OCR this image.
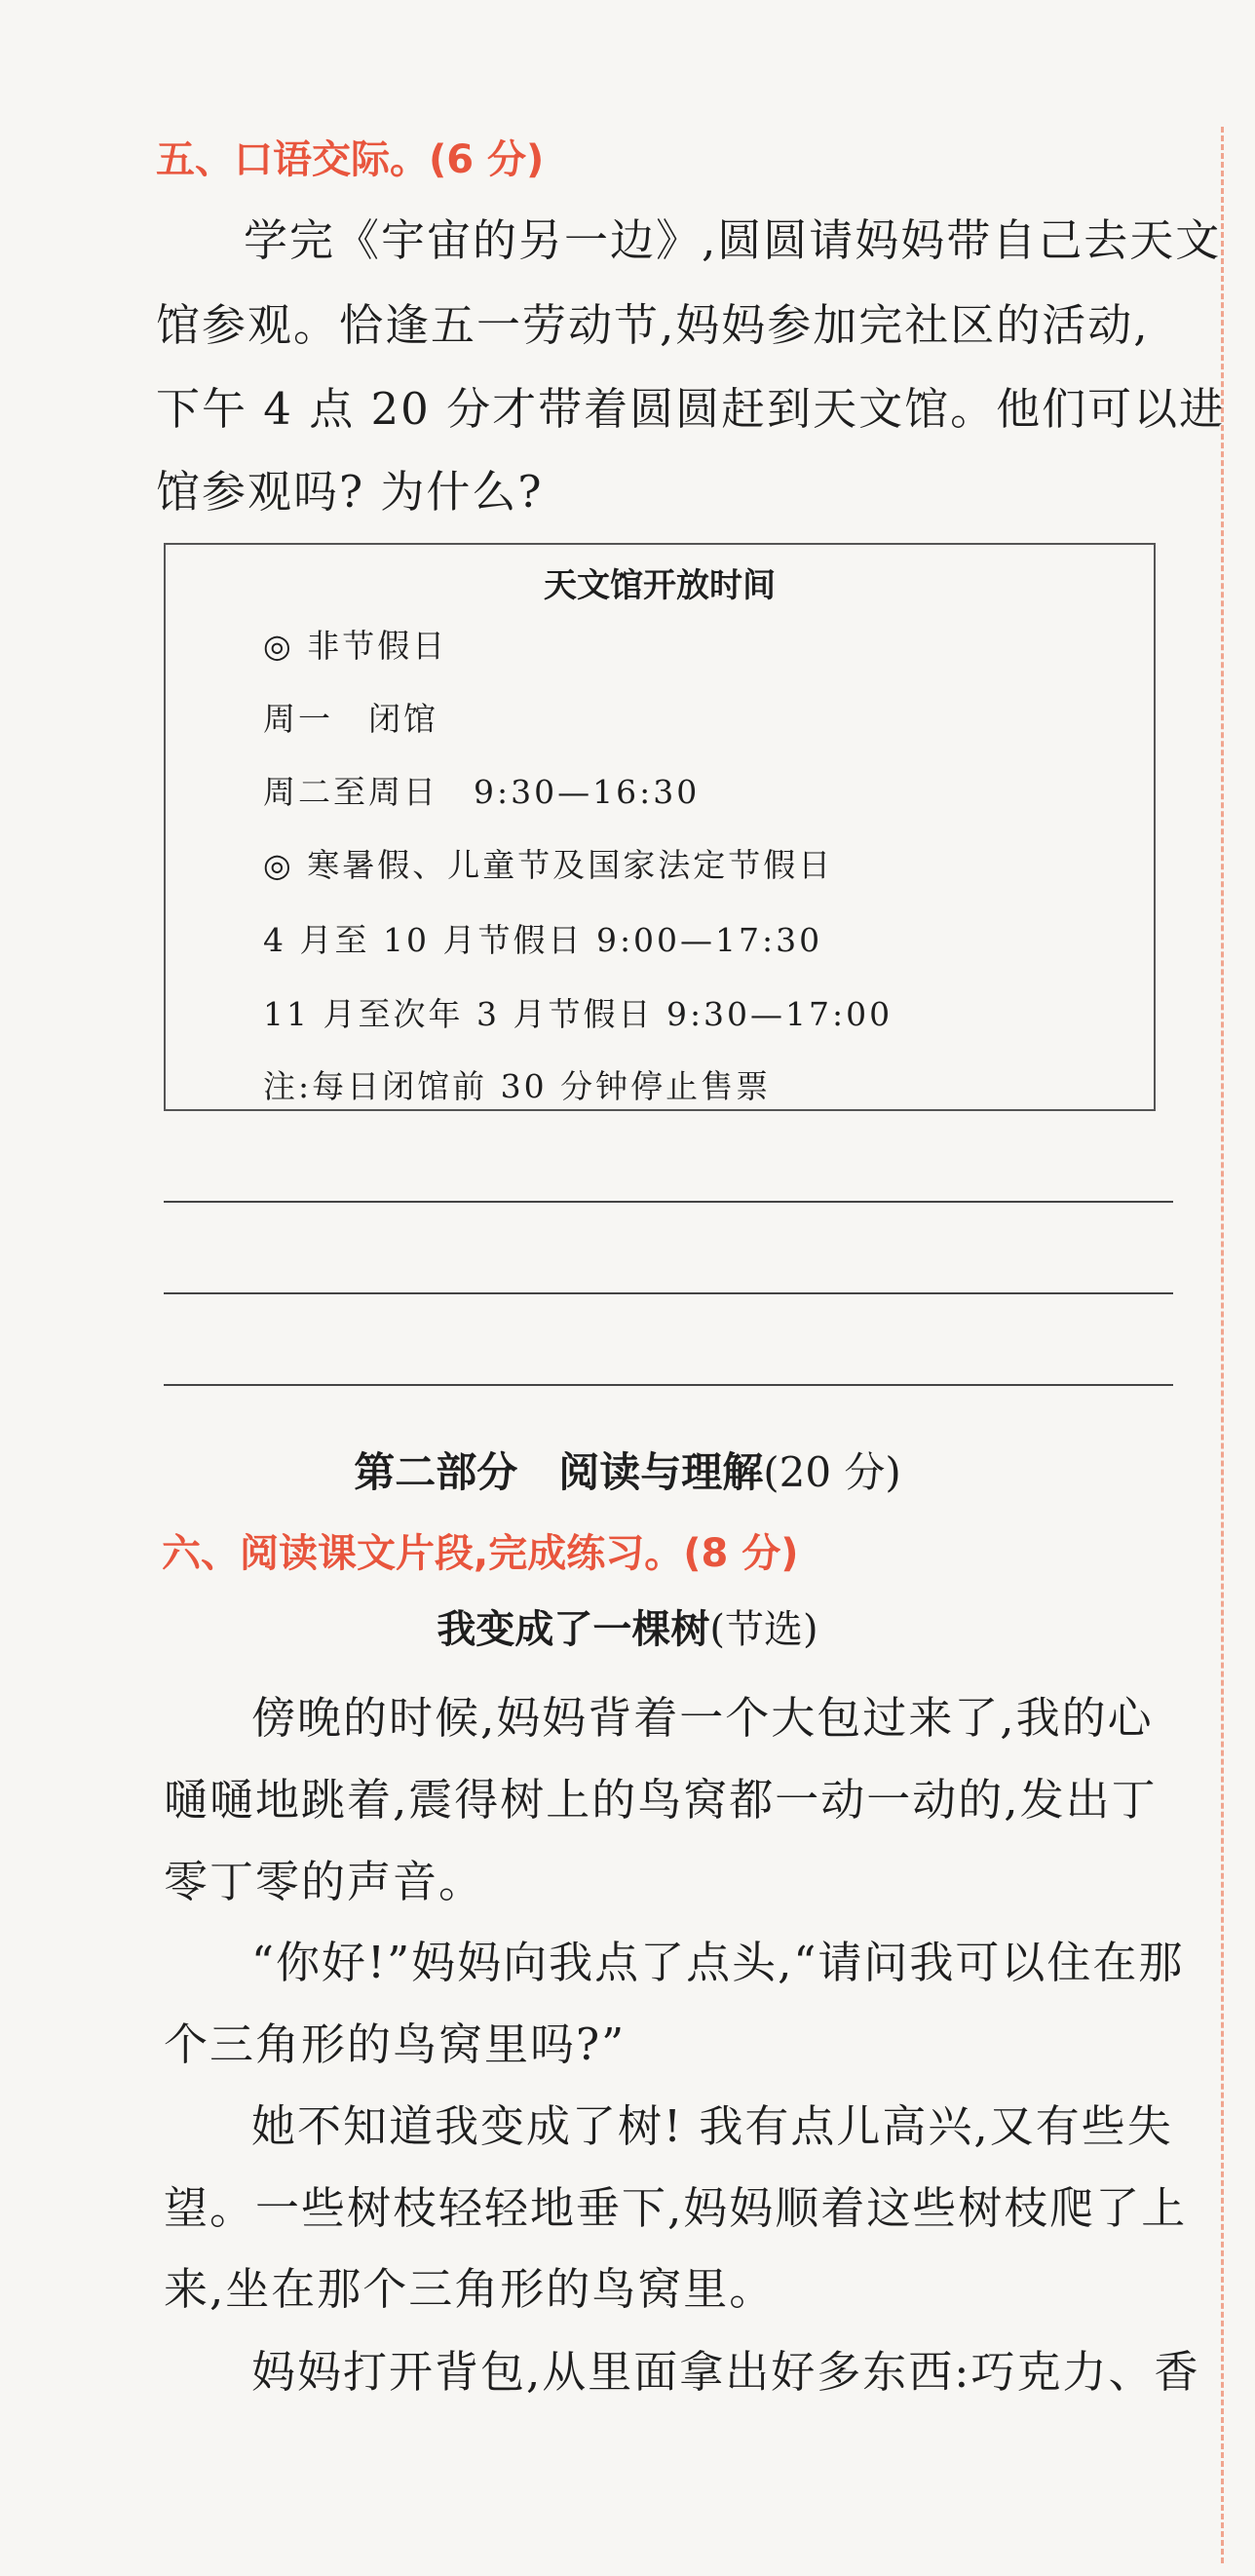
五、口语交际。(6 分)
学完《宇宙的另一边》,圆圆请妈妈带自己去天文
馆参观。恰逢五一劳动节,妈妈参加完社区的活动,
下午 4 点 20 分才带着圆圆赶到天文馆。他们可以进
馆参观吗? 为什么?
天文馆开放时间
◎ 非节假日
周一　闭馆
周二至周日　9:30—16:30
◎ 寒暑假、儿童节及国家法定节假日
4 月至 10 月节假日 9:00—17:30
11 月至次年 3 月节假日 9:30—17:00
注:每日闭馆前 30 分钟停止售票
第二部分　阅读与理解(20 分)
六、阅读课文片段,完成练习。(8 分)
我变成了一棵树(节选)
傍晚的时候,妈妈背着一个大包过来了,我的心
嗵嗵地跳着,震得树上的鸟窝都一动一动的,发出丁
零丁零的声音。
“你好!”妈妈向我点了点头,“请问我可以住在那
个三角形的鸟窝里吗?”
她不知道我变成了树! 我有点儿高兴,又有些失
望。一些树枝轻轻地垂下,妈妈顺着这些树枝爬了上
来,坐在那个三角形的鸟窝里。
妈妈打开背包,从里面拿出好多东西:巧克力、香
